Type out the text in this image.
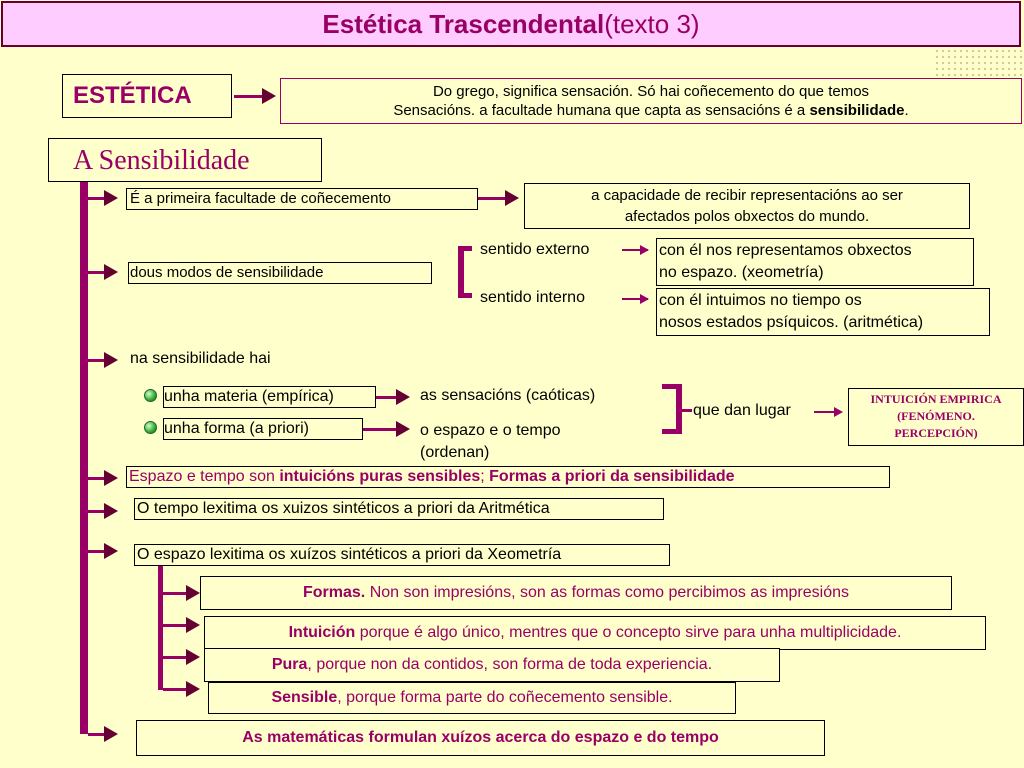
Estética Trascendental(texto 3)
ESTÉTICA	Do grego, significa sensación. Só hai coñecemento do que temos
Sensacións. a facultade humana que capta as sensacións é a sensibilidade.
A Sensibilidade
É a primeira facultade de coñecemento	a capacidade de recibir representacións ao ser
afectados polos obxectos do mundo.
dous modos de sensibilidade
sentido externo
sentido interno
con él nos representamos obxectos
no espazo. (xeometría)
con él intuimos no tiempo os
nosos estados psíquicos. (aritmética)
na sensibilidade hai
unha materia (empírica)
unha forma (a priori)
as sensacións (caóticas)
o espazo e o tempo
(ordenan)
que dan lugar
INTUICIÓN EMPIRICA
(FENÓMENO.
PERCEPCIÓN)
Espazo e tempo son intuicións puras sensibles; Formas a priori da sensibilidade
O tempo lexitima os xuizos sintéticos a priori da Aritmética
O espazo lexitima os xuízos sintéticos a priori da Xeometría
Formas. Non son impresións, son as formas como percibimos as impresións
Intuición porque é algo único, mentres que o concepto sirve para unha multiplicidade.
Pura, porque non da contidos, son forma de toda experiencia.
Sensible, porque forma parte do coñecemento sensible.
As matemáticas formulan xuízos acerca do espazo e do tempo
